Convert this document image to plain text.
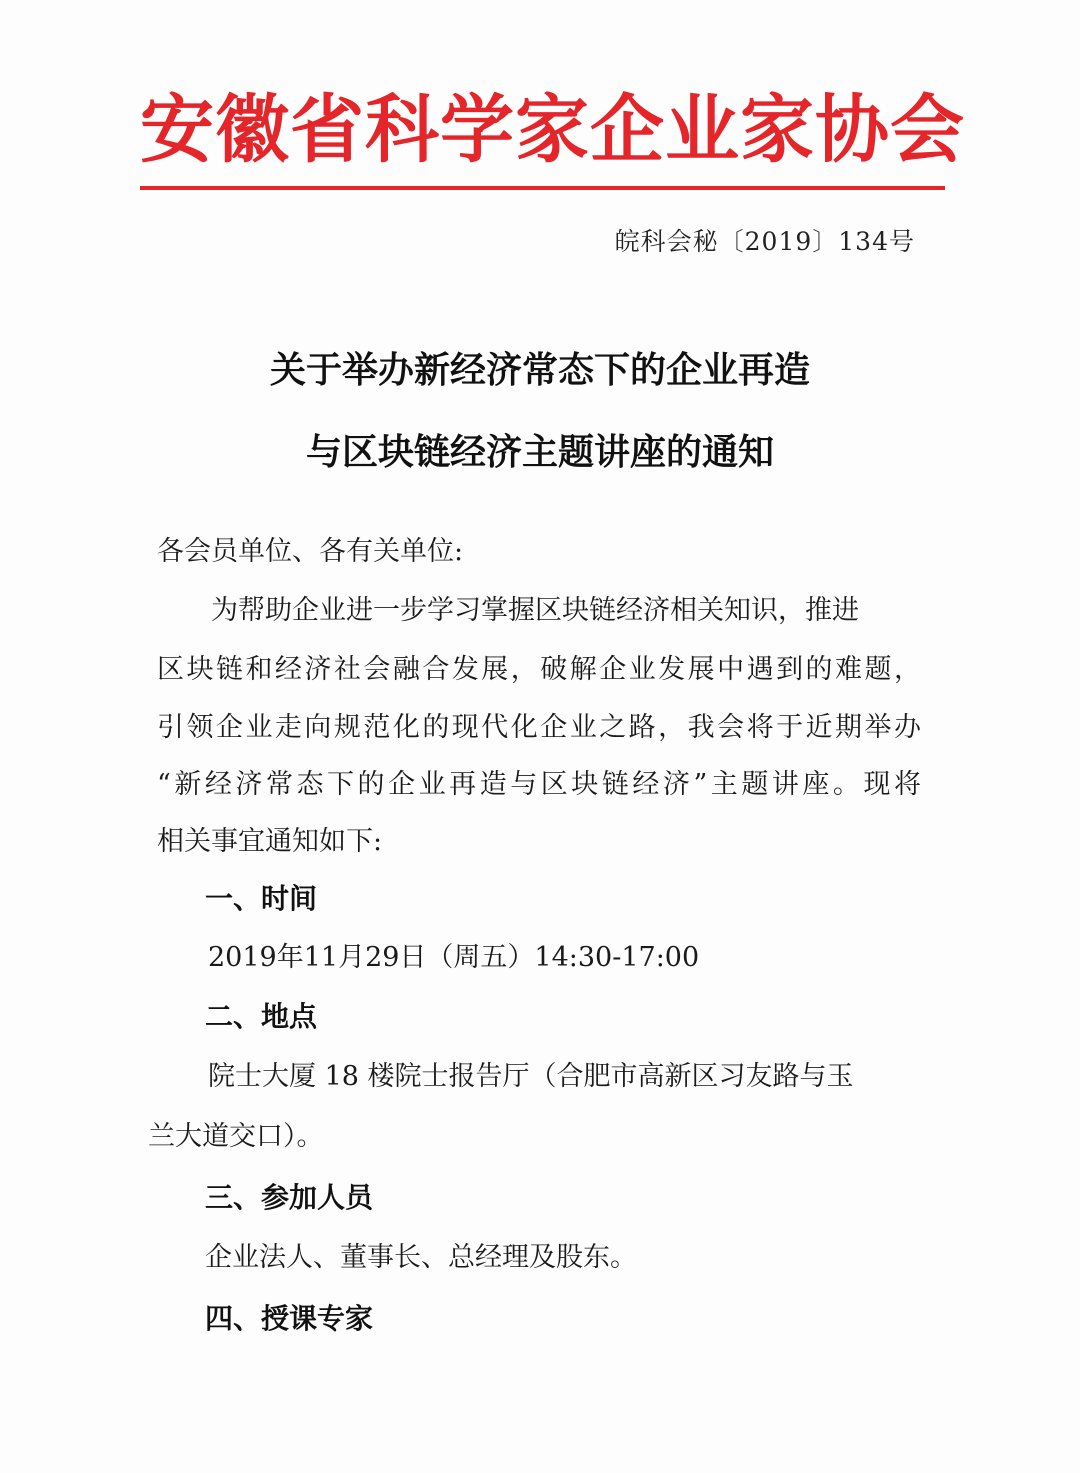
安徽省科学家企业家协会
皖科会秘〔2019〕134号
关于举办新经济常态下的企业再造
与区块链经济主题讲座的通知
各会员单位、各有关单位:
为帮助企业进一步学习掌握区块链经济相关知识，推进
区块链和经济社会融合发展，破解企业发展中遇到的难题，
引领企业走向规范化的现代化企业之路，我会将于近期举办
“新经济常态下的企业再造与区块链经济”主题讲座。现将
相关事宜通知如下:
一、时间
2019年11月29日（周五）14:30-17:00
二、地点
院士大厦 18 楼院士报告厅（合肥市高新区习友路与玉
兰大道交口）。
三、参加人员
企业法人、董事长、总经理及股东。
四、授课专家
